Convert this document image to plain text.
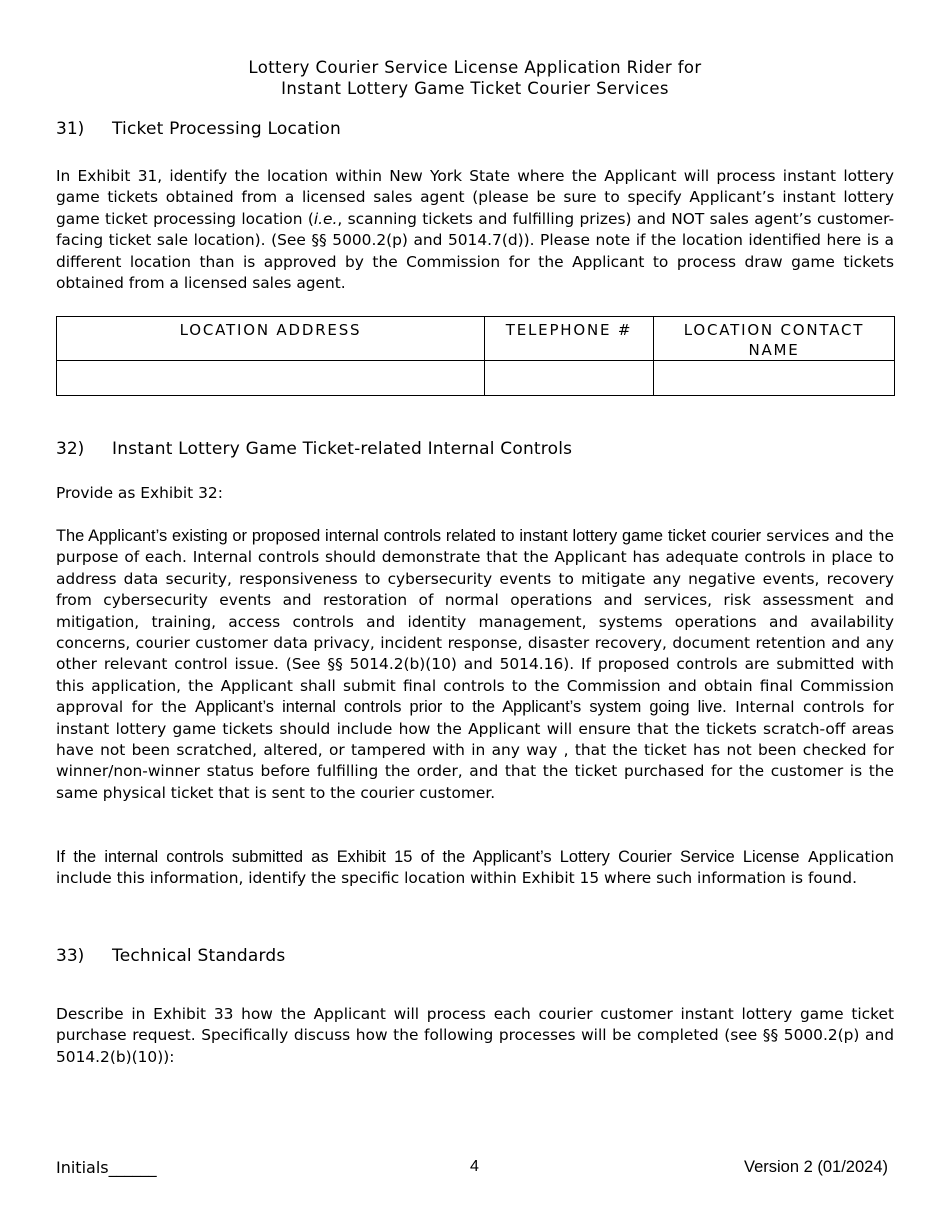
Lottery Courier Service License Application Rider for
Instant Lottery Game Ticket Courier Services
31) Ticket Processing Location
In Exhibit 31, identify the location within New York State where the Applicant will process instant lottery game tickets obtained from a licensed sales agent (please be sure to specify Applicant’s instant lottery game ticket processing location (i.e., scanning tickets and fulfilling prizes) and NOT sales agent’s customer-facing ticket sale location). (See §§ 5000.2(p) and 5014.7(d)). Please note if the location identified here is a different location than is approved by the Commission for the Applicant to process draw game tickets obtained from a licensed sales agent.
LOCATION ADDRESS	TELEPHONE #	LOCATION CONTACT NAME

32) Instant Lottery Game Ticket-related Internal Controls
Provide as Exhibit 32:
The Applicant’s existing or proposed internal controls related to instant lottery game ticket courier services and the purpose of each. Internal controls should demonstrate that the Applicant has adequate controls in place to address data security, responsiveness to cybersecurity events to mitigate any negative events, recovery from cybersecurity events and restoration of normal operations and services, risk assessment and mitigation, training, access controls and identity management, systems operations and availability concerns, courier customer data privacy, incident response, disaster recovery, document retention and any other relevant control issue. (See §§ 5014.2(b)(10) and 5014.16). If proposed controls are submitted with this application, the Applicant shall submit final controls to the Commission and obtain final Commission approval for the Applicant’s internal controls prior to the Applicant’s system going live. Internal controls for instant lottery game tickets should include how the Applicant will ensure that the tickets scratch-off areas have not been scratched, altered, or tampered with in any way , that the ticket has not been checked for winner/non-winner status before fulfilling the order, and that the ticket purchased for the customer is the same physical ticket that is sent to the courier customer.
If the internal controls submitted as Exhibit 15 of the Applicant’s Lottery Courier Service License Application include this information, identify the specific location within Exhibit 15 where such information is found.
33) Technical Standards
Describe in Exhibit 33 how the Applicant will process each courier customer instant lottery game ticket purchase request. Specifically discuss how the following processes will be completed (see §§ 5000.2(p) and 5014.2(b)(10)):
Initials______	4	Version 2 (01/2024)
